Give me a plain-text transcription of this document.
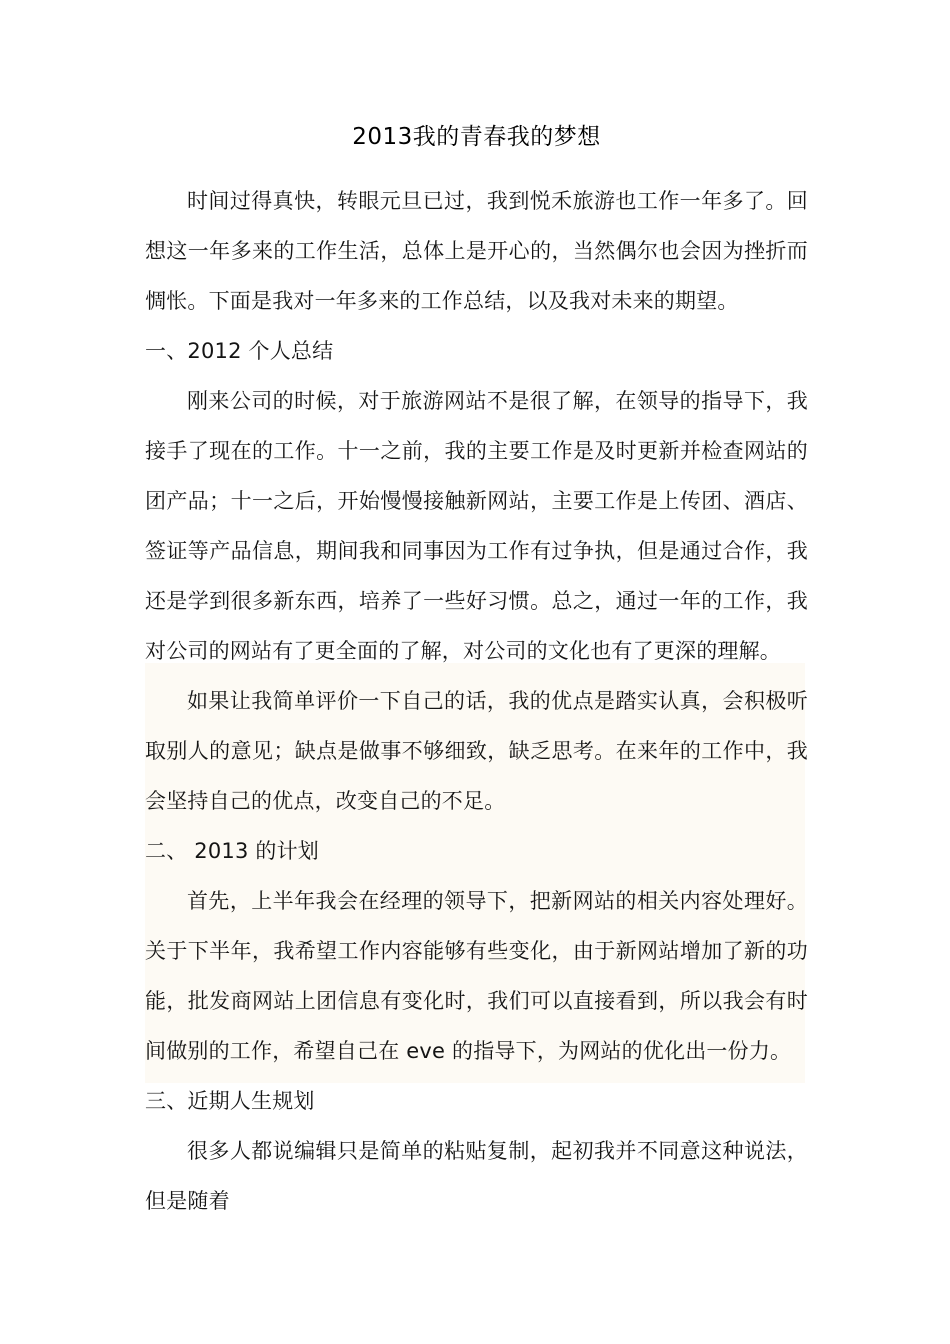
2013我的青春我的梦想

时间过得真快，转眼元旦已过，我到悦禾旅游也工作一年多了。回想这一年多来的工作生活，总体上是开心的，当然偶尔也会因为挫折而惆怅。下面是我对一年多来的工作总结，以及我对未来的期望。

一、2012 个人总结

刚来公司的时候，对于旅游网站不是很了解，在领导的指导下，我接手了现在的工作。十一之前，我的主要工作是及时更新并检查网站的团产品；十一之后，开始慢慢接触新网站，主要工作是上传团、酒店、签证等产品信息，期间我和同事因为工作有过争执，但是通过合作，我还是学到很多新东西，培养了一些好习惯。总之，通过一年的工作，我对公司的网站有了更全面的了解，对公司的文化也有了更深的理解。

如果让我简单评价一下自己的话，我的优点是踏实认真，会积极听取别人的意见；缺点是做事不够细致，缺乏思考。在来年的工作中，我会坚持自己的优点，改变自己的不足。

二、 2013 的计划

首先，上半年我会在经理的领导下，把新网站的相关内容处理好。关于下半年，我希望工作内容能够有些变化，由于新网站增加了新的功能，批发商网站上团信息有变化时，我们可以直接看到，所以我会有时间做别的工作，希望自己在 eve 的指导下，为网站的优化出一份力。

三、近期人生规划

很多人都说编辑只是简单的粘贴复制，起初我并不同意这种说法，但是随着
